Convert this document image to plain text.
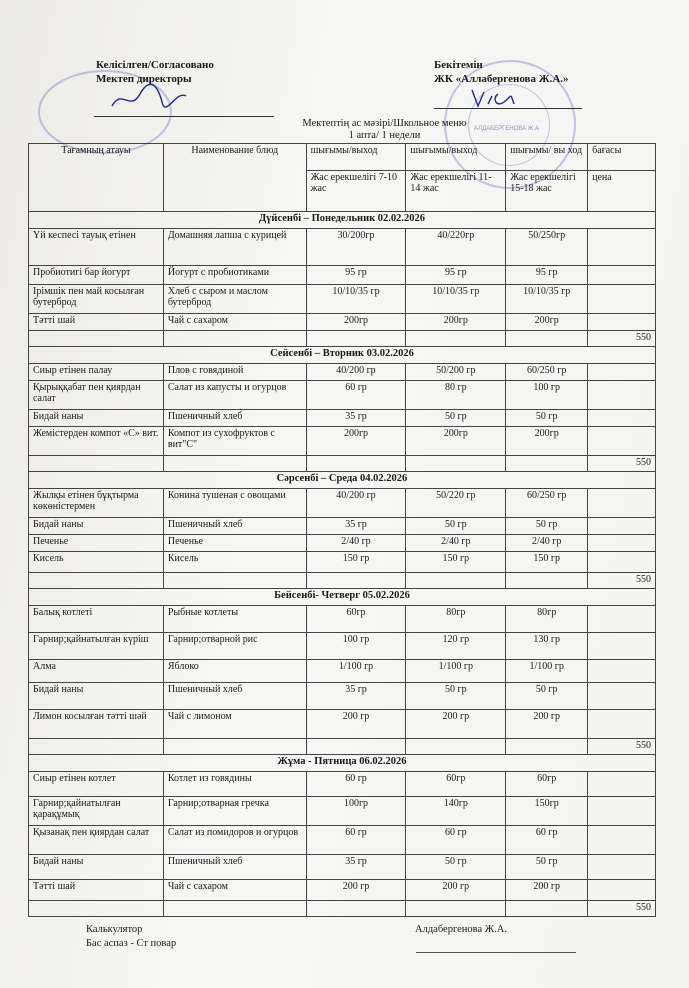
АЛДАБЕРГЕНОВА Ж.А
Келісілген/Согласовано
Мектеп директоры
Бекітемін
ЖК «Аллабергенова Ж.А.»
Мектептің ас мәзірі/Школьное меню
1 апта/ 1 недели
Тағамның атауы	Наименование блюд	шығымы/выход	шығымы/выход	шығымы/ вы ход	бағасы
		Жас ерекшелігі 7-10 жас	Жас ерекшелігі 11-14 жас	Жас ерекшелігі 15-18 жас	цена
Дүйсенбі – Понедельник 02.02.2026					
Үй кеспесі тауық етінен	Домашняя лапша с курицей	30/200гр	40/220гр	50/250гр	
Пробиотигі бар йогурт	Йогурт с пробиотиками	95 гр	95 гр	95 гр	
Ірімшік пен май косылған бутерброд	Хлеб с сыром и маслом бутерброд	10/10/35 гр	10/10/35 гр	10/10/35 гр	
Тәтті шай	Чай с сахаром	200гр	200гр	200гр	
					550
Сейсенбі – Вторник 03.02.2026					
Сиыр етінен палау	Плов с говядиной	40/200 гр	50/200 гр	60/250 гр	
Қырыққабат пен қиярдан салат	Салат из капусты и огурцов	60 гр	80 гр	100 гр	
Бидай наны	Пшеничный хлеб	35 гр	50 гр	50 гр	
Жемістерден компот «С» вит.	Компот из сухофруктов с вит"С"	200гр	200гр	200гр	
					550
Сәрсенбі – Среда 04.02.2026					
Жылқы етінен бұқтырма көкөністермен	Конина тушеная с овощами	40/200 гр	50/220 гр	60/250 гр	
Бидай наны	Пшеничный хлеб	35 гр	50 гр	50 гр	
Печенье	Печенье	2/40 гр	2/40 гр	2/40 гр	
Кисель	Кисель	150 гр	150 гр	150 гр	
					550
Бейсенбі- Четверг 05.02.2026					
Балық котлеті	Рыбные котлеты	60гр	80гр	80гр	
Гарнир;қайнатылған күріш	Гарнир;отварной рис	100 гр	120 гр	130 гр	
Алма	Яблоко	1/100 гр	1/100 гр	1/100 гр	
Бидай наны	Пшеничный хлеб	35 гр	50 гр	50 гр	
Лимон косылған тәтті шәй	Чай с лимоном	200 гр	200 гр	200 гр	
					550
Жұма - Пятница 06.02.2026					
Сиыр етінен котлет	Котлет из говядины	60 гр	60гр	60гр	
Гарнир;қайнатылған қарақұмық	Гарнир;отварная гречка	100гр	140гр	150гр	
Қызанақ пен қиярдан салат	Салат из помидоров и огурцов	60 гр	60 гр	60 гр	
Бидай наны	Пшеничный хлеб	35 гр	50 гр	50 гр	
Тәтті шай	Чай с сахаром	200 гр	200 гр	200 гр	
					550
Калькулятор
Бас аспаз - Ст повар
Алдабергенова Ж.А.
